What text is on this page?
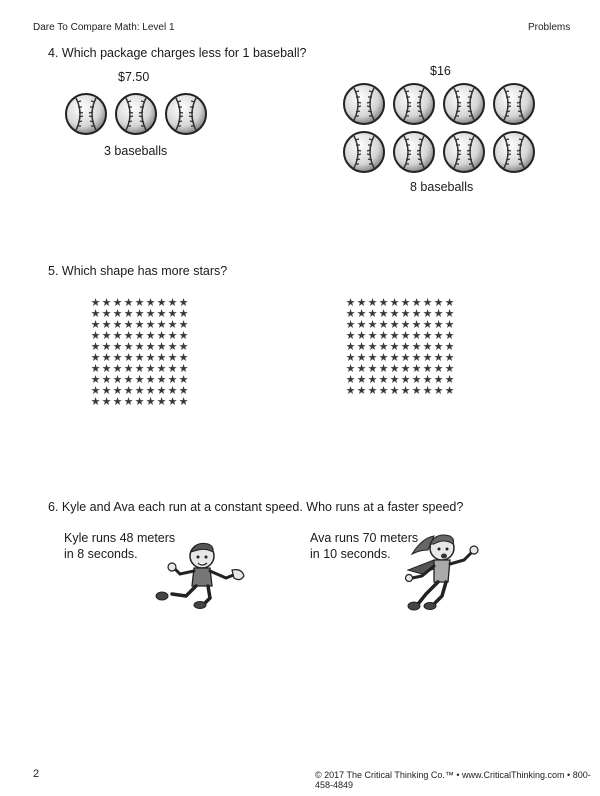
Dare To Compare Math: Level 1	Problems
4. Which package charges less for 1 baseball?
$7.50
3 baseballs
$16
8 baseballs
5. Which shape has more stars?
★ ★ ★ ★ ★ ★ ★ ★ ★
★ ★ ★ ★ ★ ★ ★ ★ ★
★ ★ ★ ★ ★ ★ ★ ★ ★
★ ★ ★ ★ ★ ★ ★ ★ ★
★ ★ ★ ★ ★ ★ ★ ★ ★
★ ★ ★ ★ ★ ★ ★ ★ ★
★ ★ ★ ★ ★ ★ ★ ★ ★
★ ★ ★ ★ ★ ★ ★ ★ ★
★ ★ ★ ★ ★ ★ ★ ★ ★
★ ★ ★ ★ ★ ★ ★ ★ ★
★ ★ ★ ★ ★ ★ ★ ★ ★ ★
★ ★ ★ ★ ★ ★ ★ ★ ★ ★
★ ★ ★ ★ ★ ★ ★ ★ ★ ★
★ ★ ★ ★ ★ ★ ★ ★ ★ ★
★ ★ ★ ★ ★ ★ ★ ★ ★ ★
★ ★ ★ ★ ★ ★ ★ ★ ★ ★
★ ★ ★ ★ ★ ★ ★ ★ ★ ★
★ ★ ★ ★ ★ ★ ★ ★ ★ ★
★ ★ ★ ★ ★ ★ ★ ★ ★ ★
6. Kyle and Ava each run at a constant speed. Who runs at a faster speed?
Kyle runs 48 meters
in 8 seconds.
Ava runs 70 meters
in 10 seconds.
2	© 2017 The Critical Thinking Co.™ • www.CriticalThinking.com • 800-458-4849
